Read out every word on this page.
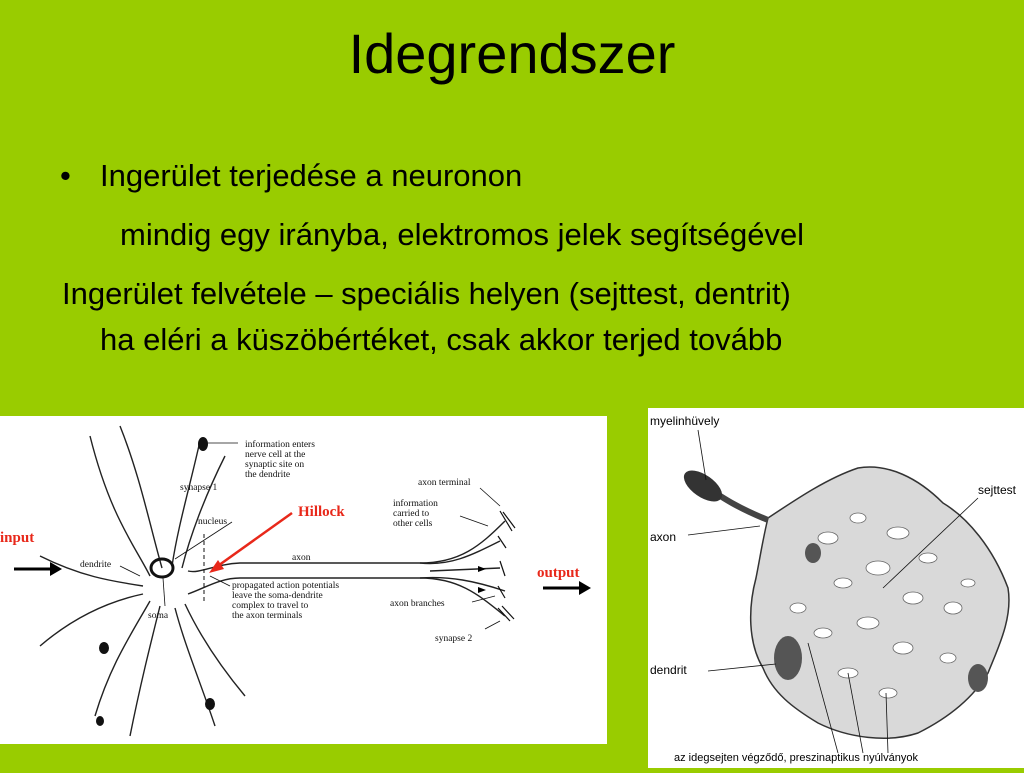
Idegrendszer
• Ingerület terjedése a neuronon
mindig egy irányba, elektromos jelek segítségével
Ingerület felvétele – speciális helyen (sejttest, dentrit)
ha eléri a küszöbértéket, csak akkor terjed tovább
input
output
Hillock
dendrite
nucleus
soma
axon
synapse 1
synapse 2
axon terminal
axon branches
information enters
nerve cell at the
synaptic site on
the dendrite
information
carried to
other cells
propagated action potentials
leave the soma-dendrite
complex to travel to
the axon terminals
myelinhüvely
sejttest
axon
dendrit
az idegsejten végződő, preszinaptikus nyúlványok
